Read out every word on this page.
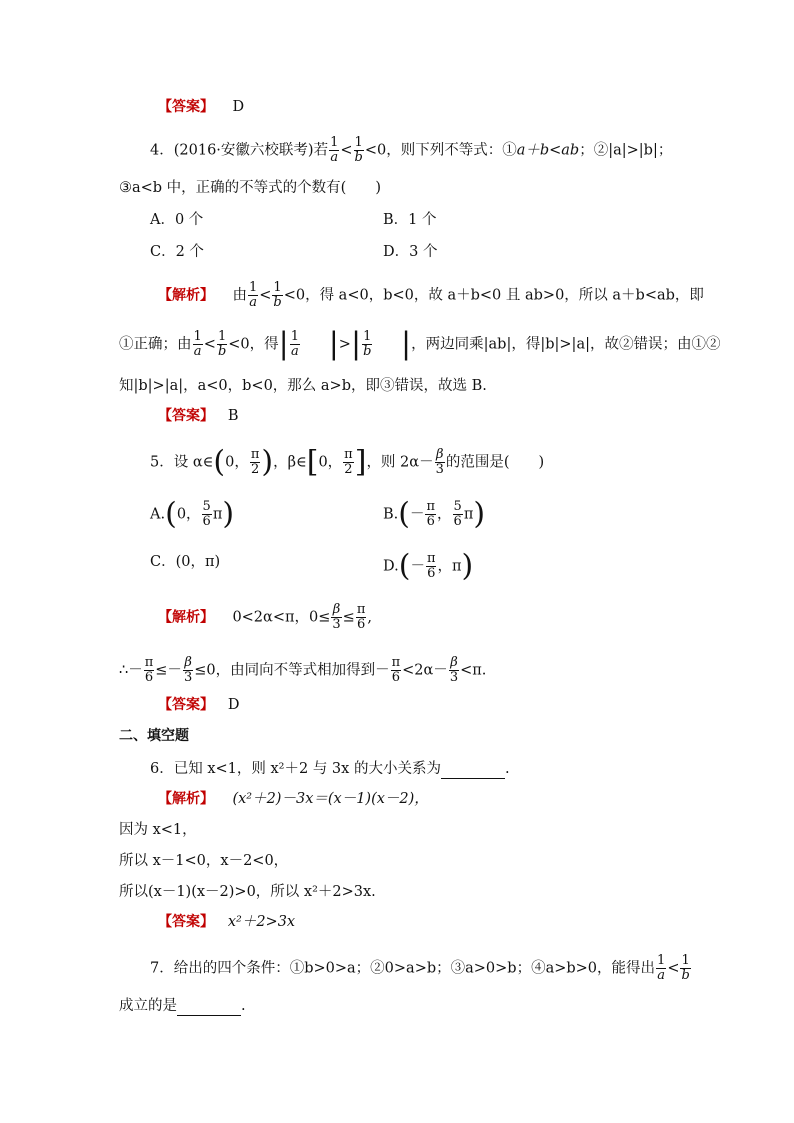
【答案】 D
4．(2016·安徽六校联考)若 $\frac{1}{a} < \frac{1}{b} <0$，则下列不等式：①a＋b<ab；②|a|>|b|；
③a<b 中，正确的不等式的个数有(　　)
A．0 个	B．1 个
C．2 个	D．3 个
【解析】 由 $\frac{1}{a} < \frac{1}{b} <0$，得 a<0，b<0，故 a＋b<0 且 ab>0，所以 a＋b<ab，即
①正确；由 $\frac{1}{a} < \frac{1}{b} <0$，得| $\frac{1}{a}$ |>| $\frac{1}{b}$ |，两边同乘|ab|，得|b|>|a|，故②错误；由①②
知|b|>|a|，a<0，b<0，那么 a>b，即③错误，故选 B.
【答案】 B
5．设 α∈(0， $\frac{\pi}{2}$ )，β∈[0， $\frac{\pi}{2}$ ]，则 $2\alpha- \frac{\beta}{3}$ 的范围是(　　)
A.(0， $\frac{5}{6} \pi$)	$B.(- \frac{\pi}{6}$ ， $\frac{5}{6} \pi$)
C．(0，π)	$D.(- \frac{\pi}{6}$ ，π)
【解析】 0<2α<π，$0\le \frac{\beta}{3} \le \frac{\pi}{6}$ ,
∴－ $\frac{\pi}{6} \le- \frac{\beta}{3} \le 0$，由同向不等式相加得到－ $\frac{\pi}{6} <2\alpha- \frac{\beta}{3} <\pi$.
【答案】 D
二、填空题
6．已知 x<1，则 x²＋2 与 3x 的大小关系为	.
【解析】 (x²＋2)－3x＝(x－1)(x－2)，
因为 x<1，
所以 x－1<0，x－2<0，
所以(x－1)(x－2)>0，所以 x²＋2>3x.
【答案】 x²＋2>3x
7．给出的四个条件：①b>0>a；②0>a>b；③a>0>b；④a>b>0，能得出 $\frac{1}{a} < \frac{1}{b}$
成立的是	.
